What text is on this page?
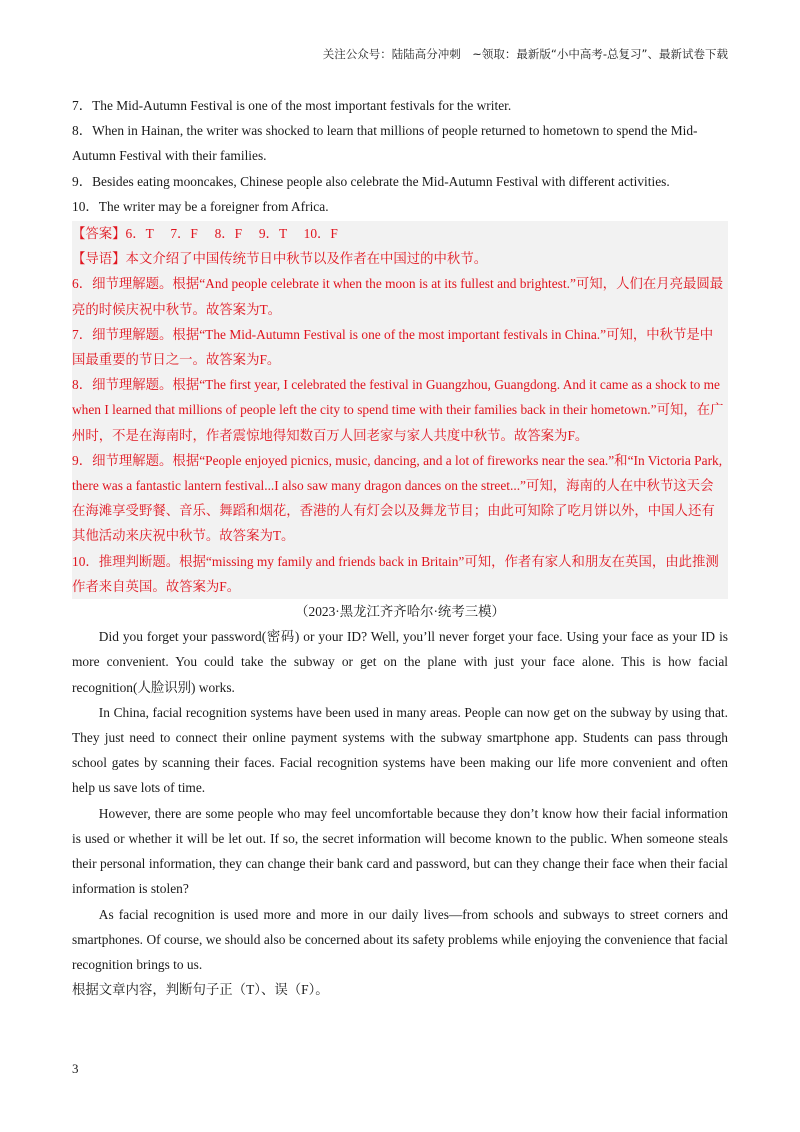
关注公众号：陆陆高分冲刺　~领取：最新版“小中高考-总复习”、最新试卷下载

7．The Mid-Autumn Festival is one of the most important festivals for the writer.

8．When in Hainan, the writer was shocked to learn that millions of people returned to hometown to spend the Mid-Autumn Festival with their families.

9．Besides eating mooncakes, Chinese people also celebrate the Mid-Autumn Festival with different activities.

10．The writer may be a foreigner from Africa.

【答案】6．T　 7．F　 8．F　 9．T　 10．F

【导语】本文介绍了中国传统节日中秋节以及作者在中国过的中秋节。

6．细节理解题。根据“And people celebrate it when the moon is at its fullest and brightest.”可知，人们在月亮最圆最亮的时候庆祝中秋节。故答案为T。

7．细节理解题。根据“The Mid-Autumn Festival is one of the most important festivals in China.”可知，中秋节是中国最重要的节日之一。故答案为F。

8．细节理解题。根据“The first year, I celebrated the festival in Guangzhou, Guangdong. And it came as a shock to me when I learned that millions of people left the city to spend time with their families back in their hometown.”可知，在广州时，不是在海南时，作者震惊地得知数百万人回老家与家人共度中秋节。故答案为F。

9．细节理解题。根据“People enjoyed picnics, music, dancing, and a lot of fireworks near the sea.”和“In Victoria Park, there was a fantastic lantern festival...I also saw many dragon dances on the street...”可知，海南的人在中秋节这天会在海滩享受野餐、音乐、舞蹈和烟花，香港的人有灯会以及舞龙节目；由此可知除了吃月饼以外，中国人还有其他活动来庆祝中秋节。故答案为T。

10．推理判断题。根据“missing my family and friends back in Britain”可知，作者有家人和朋友在英国，由此推测作者来自英国。故答案为F。

（2023·黑龙江齐齐哈尔·统考三模）

Did you forget your password(密码) or your ID? Well, you’ll never forget your face. Using your face as your ID is more convenient. You could take the subway or get on the plane with just your face alone. This is how facial recognition(人脸识别) works.

In China, facial recognition systems have been used in many areas. People can now get on the subway by using that. They just need to connect their online payment systems with the subway smartphone app. Students can pass through school gates by scanning their faces. Facial recognition systems have been making our life more convenient and often help us save lots of time.

However, there are some people who may feel uncomfortable because they don’t know how their facial information is used or whether it will be let out. If so, the secret information will become known to the public. When someone steals their personal information, they can change their bank card and password, but can they change their face when their facial information is stolen?

As facial recognition is used more and more in our daily lives—from schools and subways to street corners and smartphones. Of course, we should also be concerned about its safety problems while enjoying the convenience that facial recognition brings to us.

根据文章内容，判断句子正（T）、误（F）。

3
